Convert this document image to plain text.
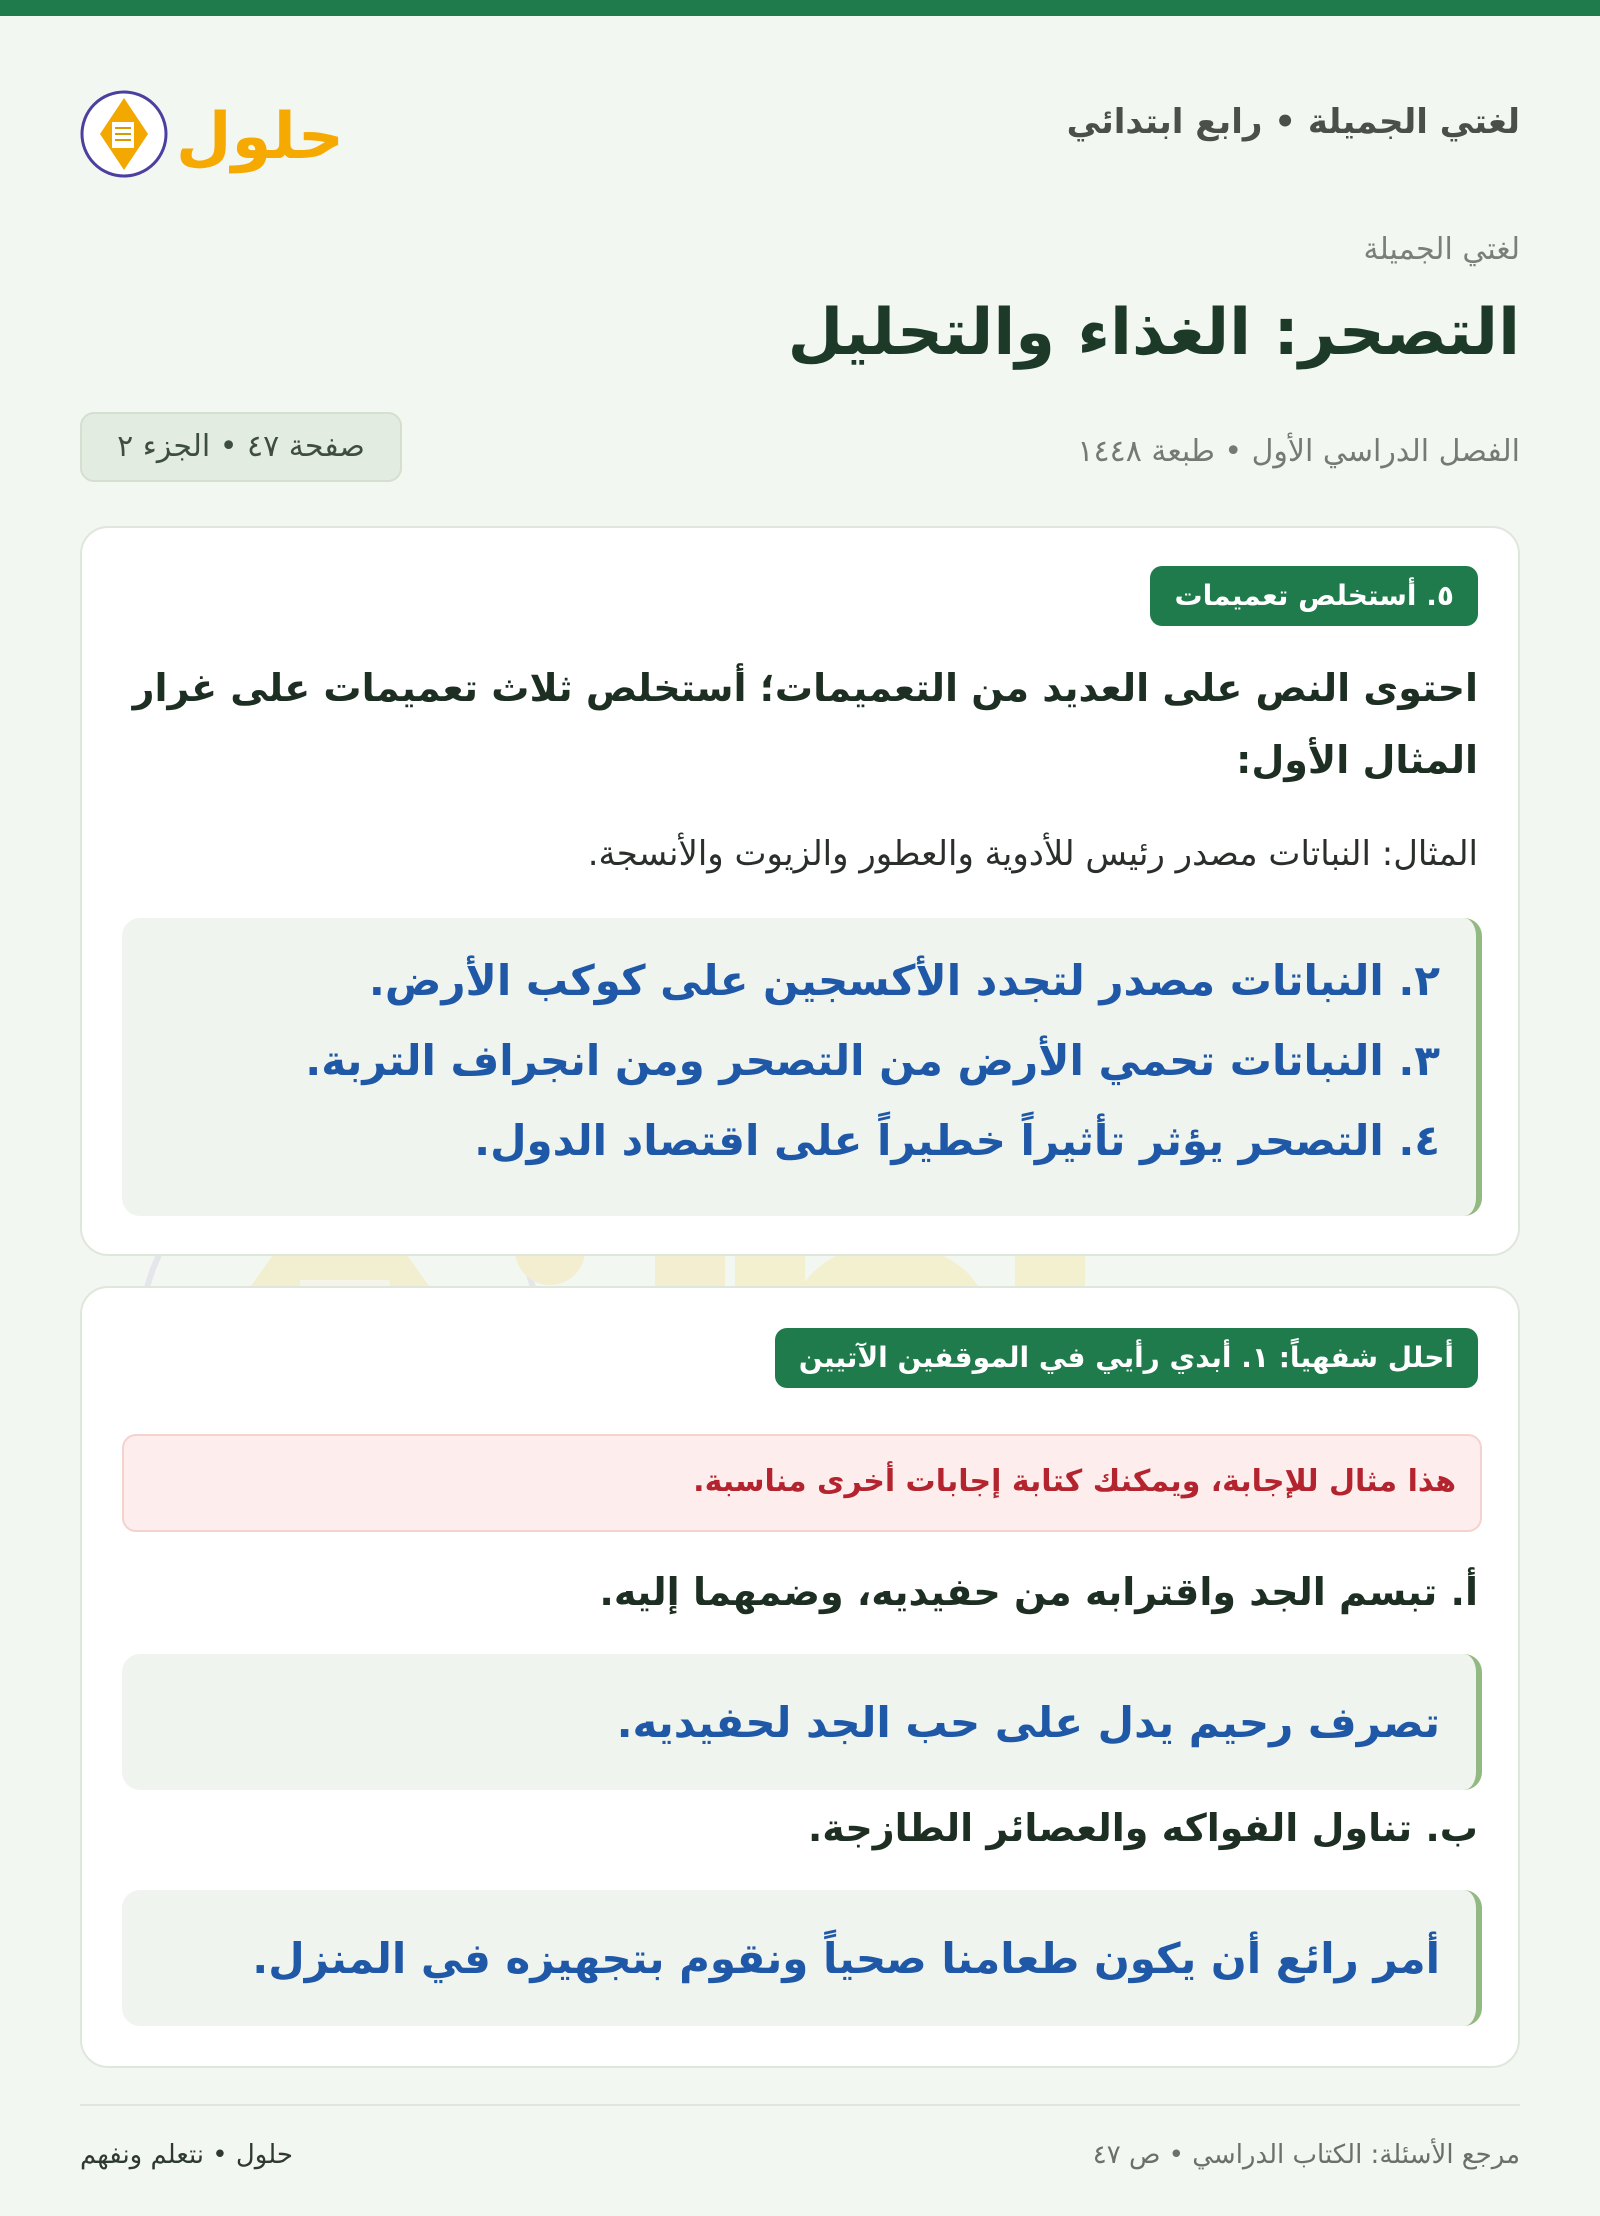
لغتي الجميلة • رابع ابتدائي
حلول
لغتي الجميلة
التصحر: الغذاء والتحليل
الفصل الدراسي الأول • طبعة ١٤٤٨
صفحة ٤٧ • الجزء ٢
٥. أستخلص تعميمات
احتوى النص على العديد من التعميمات؛ أستخلص ثلاث تعميمات على غرار المثال الأول:
المثال: النباتات مصدر رئيس للأدوية والعطور والزيوت والأنسجة.
٢. النباتات مصدر لتجدد الأكسجين على كوكب الأرض.
٣. النباتات تحمي الأرض من التصحر ومن انجراف التربة.
٤. التصحر يؤثر تأثيراً خطيراً على اقتصاد الدول.
أحلل شفهياً: ١. أبدي رأيي في الموقفين الآتيين
هذا مثال للإجابة، ويمكنك كتابة إجابات أخرى مناسبة.
أ. تبسم الجد واقترابه من حفيديه، وضمهما إليه.
تصرف رحيم يدل على حب الجد لحفيديه.
ب. تناول الفواكه والعصائر الطازجة.
أمر رائع أن يكون طعامنا صحياً ونقوم بتجهيزه في المنزل.
مرجع الأسئلة: الكتاب الدراسي • ص ٤٧
حلول • نتعلم ونفهم
